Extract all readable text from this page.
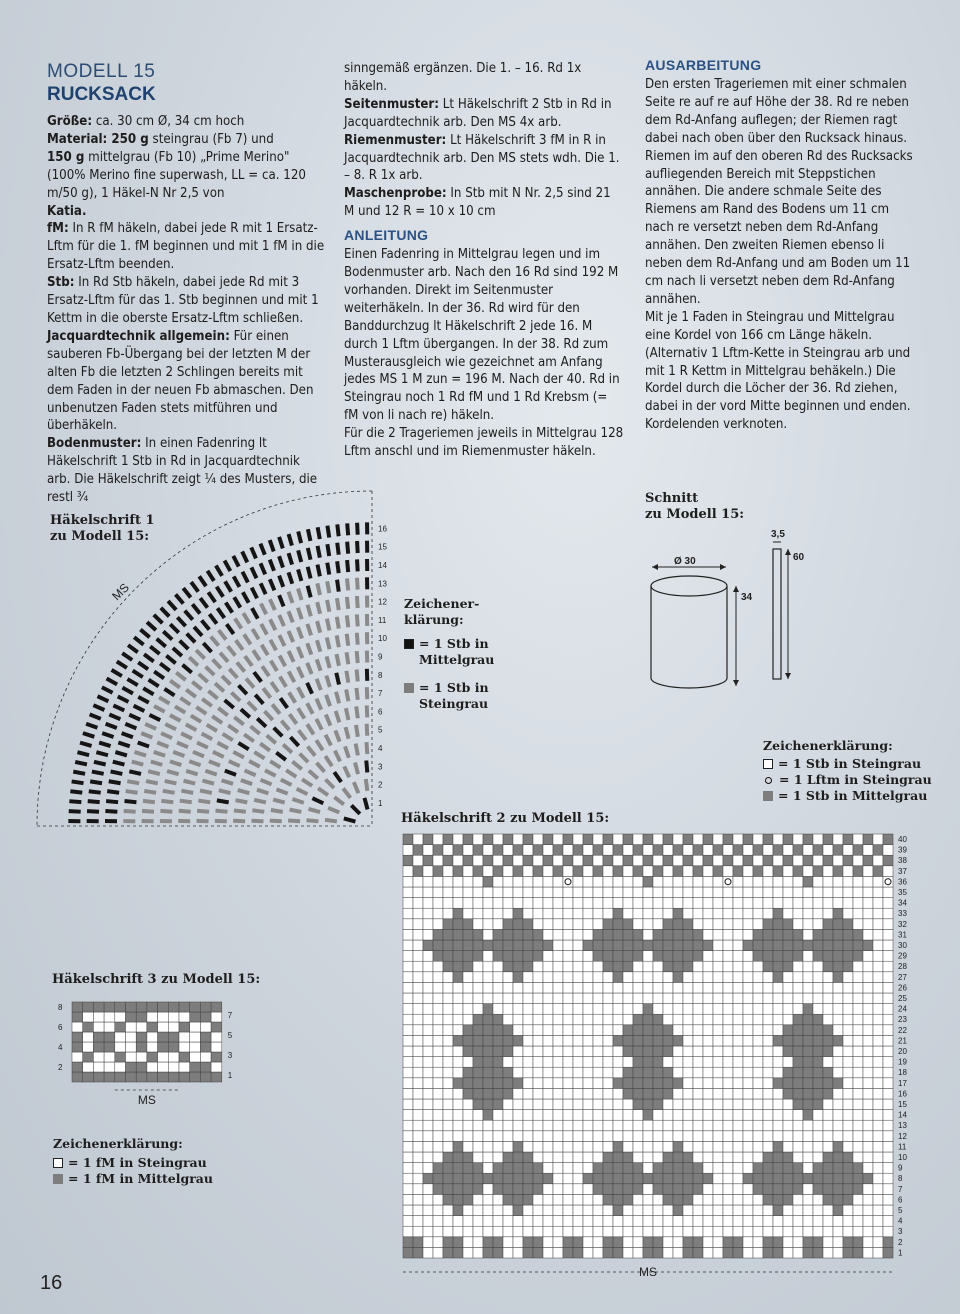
MODELL 15
RUCKSACK

Größe: ca. 30 cm Ø, 34 cm hoch

Material: 250 g steingrau (Fb 7) und

150 g mittelgrau (Fb 10) „Prime Merino" (100% Merino fine superwash, LL = ca. 120 m/50 g), 1 Häkel-N Nr 2,5 von

Katia.

fM: In R fM häkeln, dabei jede R mit 1 Ersatz-Lftm für die 1. fM beginnen und mit 1 fM in die Ersatz-Lftm beenden.

Stb: In Rd Stb häkeln, dabei jede Rd mit 3 Ersatz-Lftm für das 1. Stb beginnen und mit 1 Kettm in die oberste Ersatz-Lftm schließen.

Jacquardtechnik allgemein: Für einen sauberen Fb-Übergang bei der letzten M der alten Fb die letzten 2 Schlingen bereits mit dem Faden in der neuen Fb abmaschen. Den unbenutzen Faden stets mitführen und überhäkeln.

Bodenmuster: In einen Fadenring lt Häkelschrift 1 Stb in Rd in Jacquardtechnik arb. Die Häkelschrift zeigt ¼ des Musters, die restl ¾

sinngemäß ergänzen. Die 1. – 16. Rd 1x häkeln.

Seitenmuster: Lt Häkelschrift 2 Stb in Rd in Jacquardtechnik arb. Den MS 4x arb.

Riemenmuster: Lt Häkelschrift 3 fM in R in Jacquardtechnik arb. Den MS stets wdh. Die 1. – 8. R 1x arb.

Maschenprobe: In Stb mit N Nr. 2,5 sind 21 M und 12 R = 10 x 10 cm

ANLEITUNG

Einen Fadenring in Mittelgrau legen und im Bodenmuster arb. Nach den 16 Rd sind 192 M vorhanden. Direkt im Seitenmuster weiterhäkeln. In der 36. Rd wird für den Banddurchzug lt Häkelschrift 2 jede 16. M durch 1 Lftm übergangen. In der 38. Rd zum Musterausgleich wie gezeichnet am Anfang jedes MS 1 M zun = 196 M. Nach der 40. Rd in Steingrau noch 1 Rd fM und 1 Rd Krebsm (= fM von li nach re) häkeln.

Für die 2 Trageriemen jeweils in Mittelgrau 128 Lftm anschl und im Riemenmuster häkeln.

AUSARBEITUNG

Den ersten Trageriemen mit einer schmalen Seite re auf re auf Höhe der 38. Rd re neben dem Rd-Anfang auflegen; der Riemen ragt dabei nach oben über den Rucksack hinaus. Riemen im auf den oberen Rd des Rucksacks aufliegenden Bereich mit Steppstichen annähen. Die andere schmale Seite des Riemens am Rand des Bodens um 11 cm nach re versetzt neben dem Rd-Anfang annähen. Den zweiten Riemen ebenso li neben dem Rd-Anfang und am Boden um 11 cm nach li versetzt neben dem Rd-Anfang annähen.

Mit je 1 Faden in Steingrau und Mittelgrau eine Kordel von 166 cm Länge häkeln. (Alternativ 1 Lftm-Kette in Steingrau arb und mit 1 R Kettm in Mittelgrau behäkeln.) Die Kordel durch die Löcher der 36. Rd ziehen, dabei in der vord Mitte beginnen und enden. Kordelenden verknoten.

Häkelschrift 1
zu Modell 15:
MS
1
2
3
4
5
6
7
8
9
10
11
12
13
14
15
16
Zeichener-
klärung:
= 1 Stb in
Mittelgrau
= 1 Stb in
Steingrau
Schnitt
zu Modell 15:
Ø 30
34
3,5
60
Zeichenerklärung:
= 1 Stb in Steingrau
= 1 Lftm in Steingrau
= 1 Stb in Mittelgrau
Häkelschrift 2 zu Modell 15:
1
2
3
4
5
6
7
8
9
10
11
12
13
14
15
16
17
18
19
20
21
22
23
24
25
26
27
28
29
30
31
32
33
34
35
36
37
38
39
40
MS
Häkelschrift 3 zu Modell 15:
2
4
6
8
1
3
5
7
MS
Zeichenerklärung:
= 1 fM in Steingrau
= 1 fM in Mittelgrau
16
